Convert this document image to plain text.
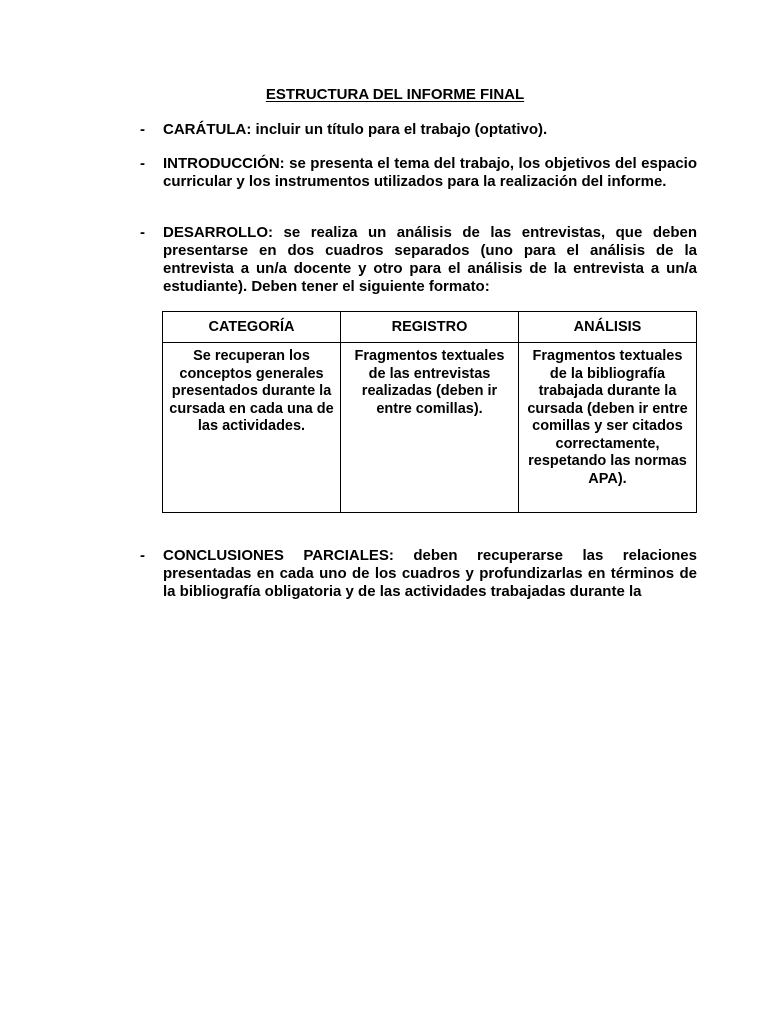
ESTRUCTURA DEL INFORME FINAL
- CARÁTULA: incluir un título para el trabajo (optativo).
- INTRODUCCIÓN: se presenta el tema del trabajo, los objetivos del espacio curricular y los instrumentos utilizados para la realización del informe.
- DESARROLLO: se realiza un análisis de las entrevistas, que deben presentarse en dos cuadros separados (uno para el análisis de la entrevista a un/a docente y otro para el análisis de la entrevista a un/a estudiante). Deben tener el siguiente formato:
CATEGORÍA	REGISTRO	ANÁLISIS
Se recuperan los conceptos generales presentados durante la cursada en cada una de las actividades.	Fragmentos textuales de las entrevistas realizadas (deben ir entre comillas).	Fragmentos textuales de la bibliografía trabajada durante la cursada (deben ir entre comillas y ser citados correctamente, respetando las normas APA).
- CONCLUSIONES PARCIALES: deben recuperarse las relaciones presentadas en cada uno de los cuadros y profundizarlas en términos de la bibliografía obligatoria y de las actividades trabajadas durante la
